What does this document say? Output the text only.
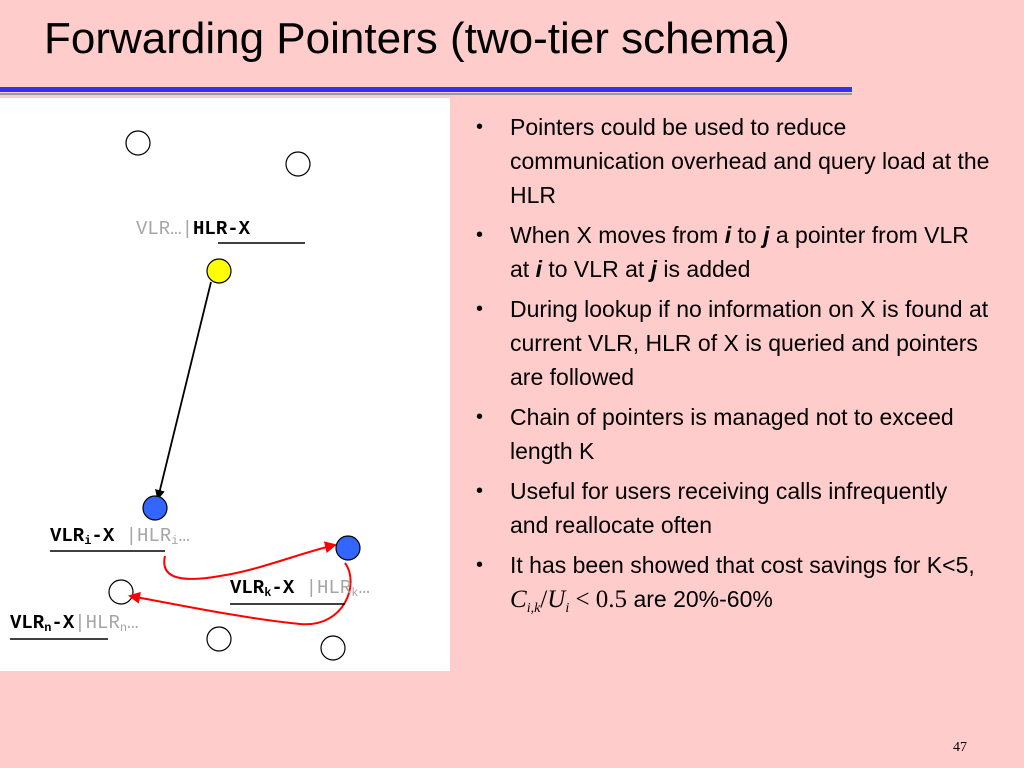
Forwarding Pointers (two-tier schema)
VLR…|HLR-X
$VLR_i-X$ $|HLR_i\dots$
$VLR_k-X$ $|HLR_k\dots$
$VLR_n-X|HLR_n\dots$
• Pointers could be used to reduce communication overhead and query load at the HLR
• When X moves from i to j a pointer from VLR at i to VLR at j is added
• During lookup if no information on X is found at current VLR, HLR of X is queried and pointers are followed
• Chain of pointers is managed not to exceed length K
• Useful for users receiving calls infrequently and reallocate often
• It has been showed that cost savings for K<5, $C_{i,k}/U_i < 0.5$ are 20%-60%
47
